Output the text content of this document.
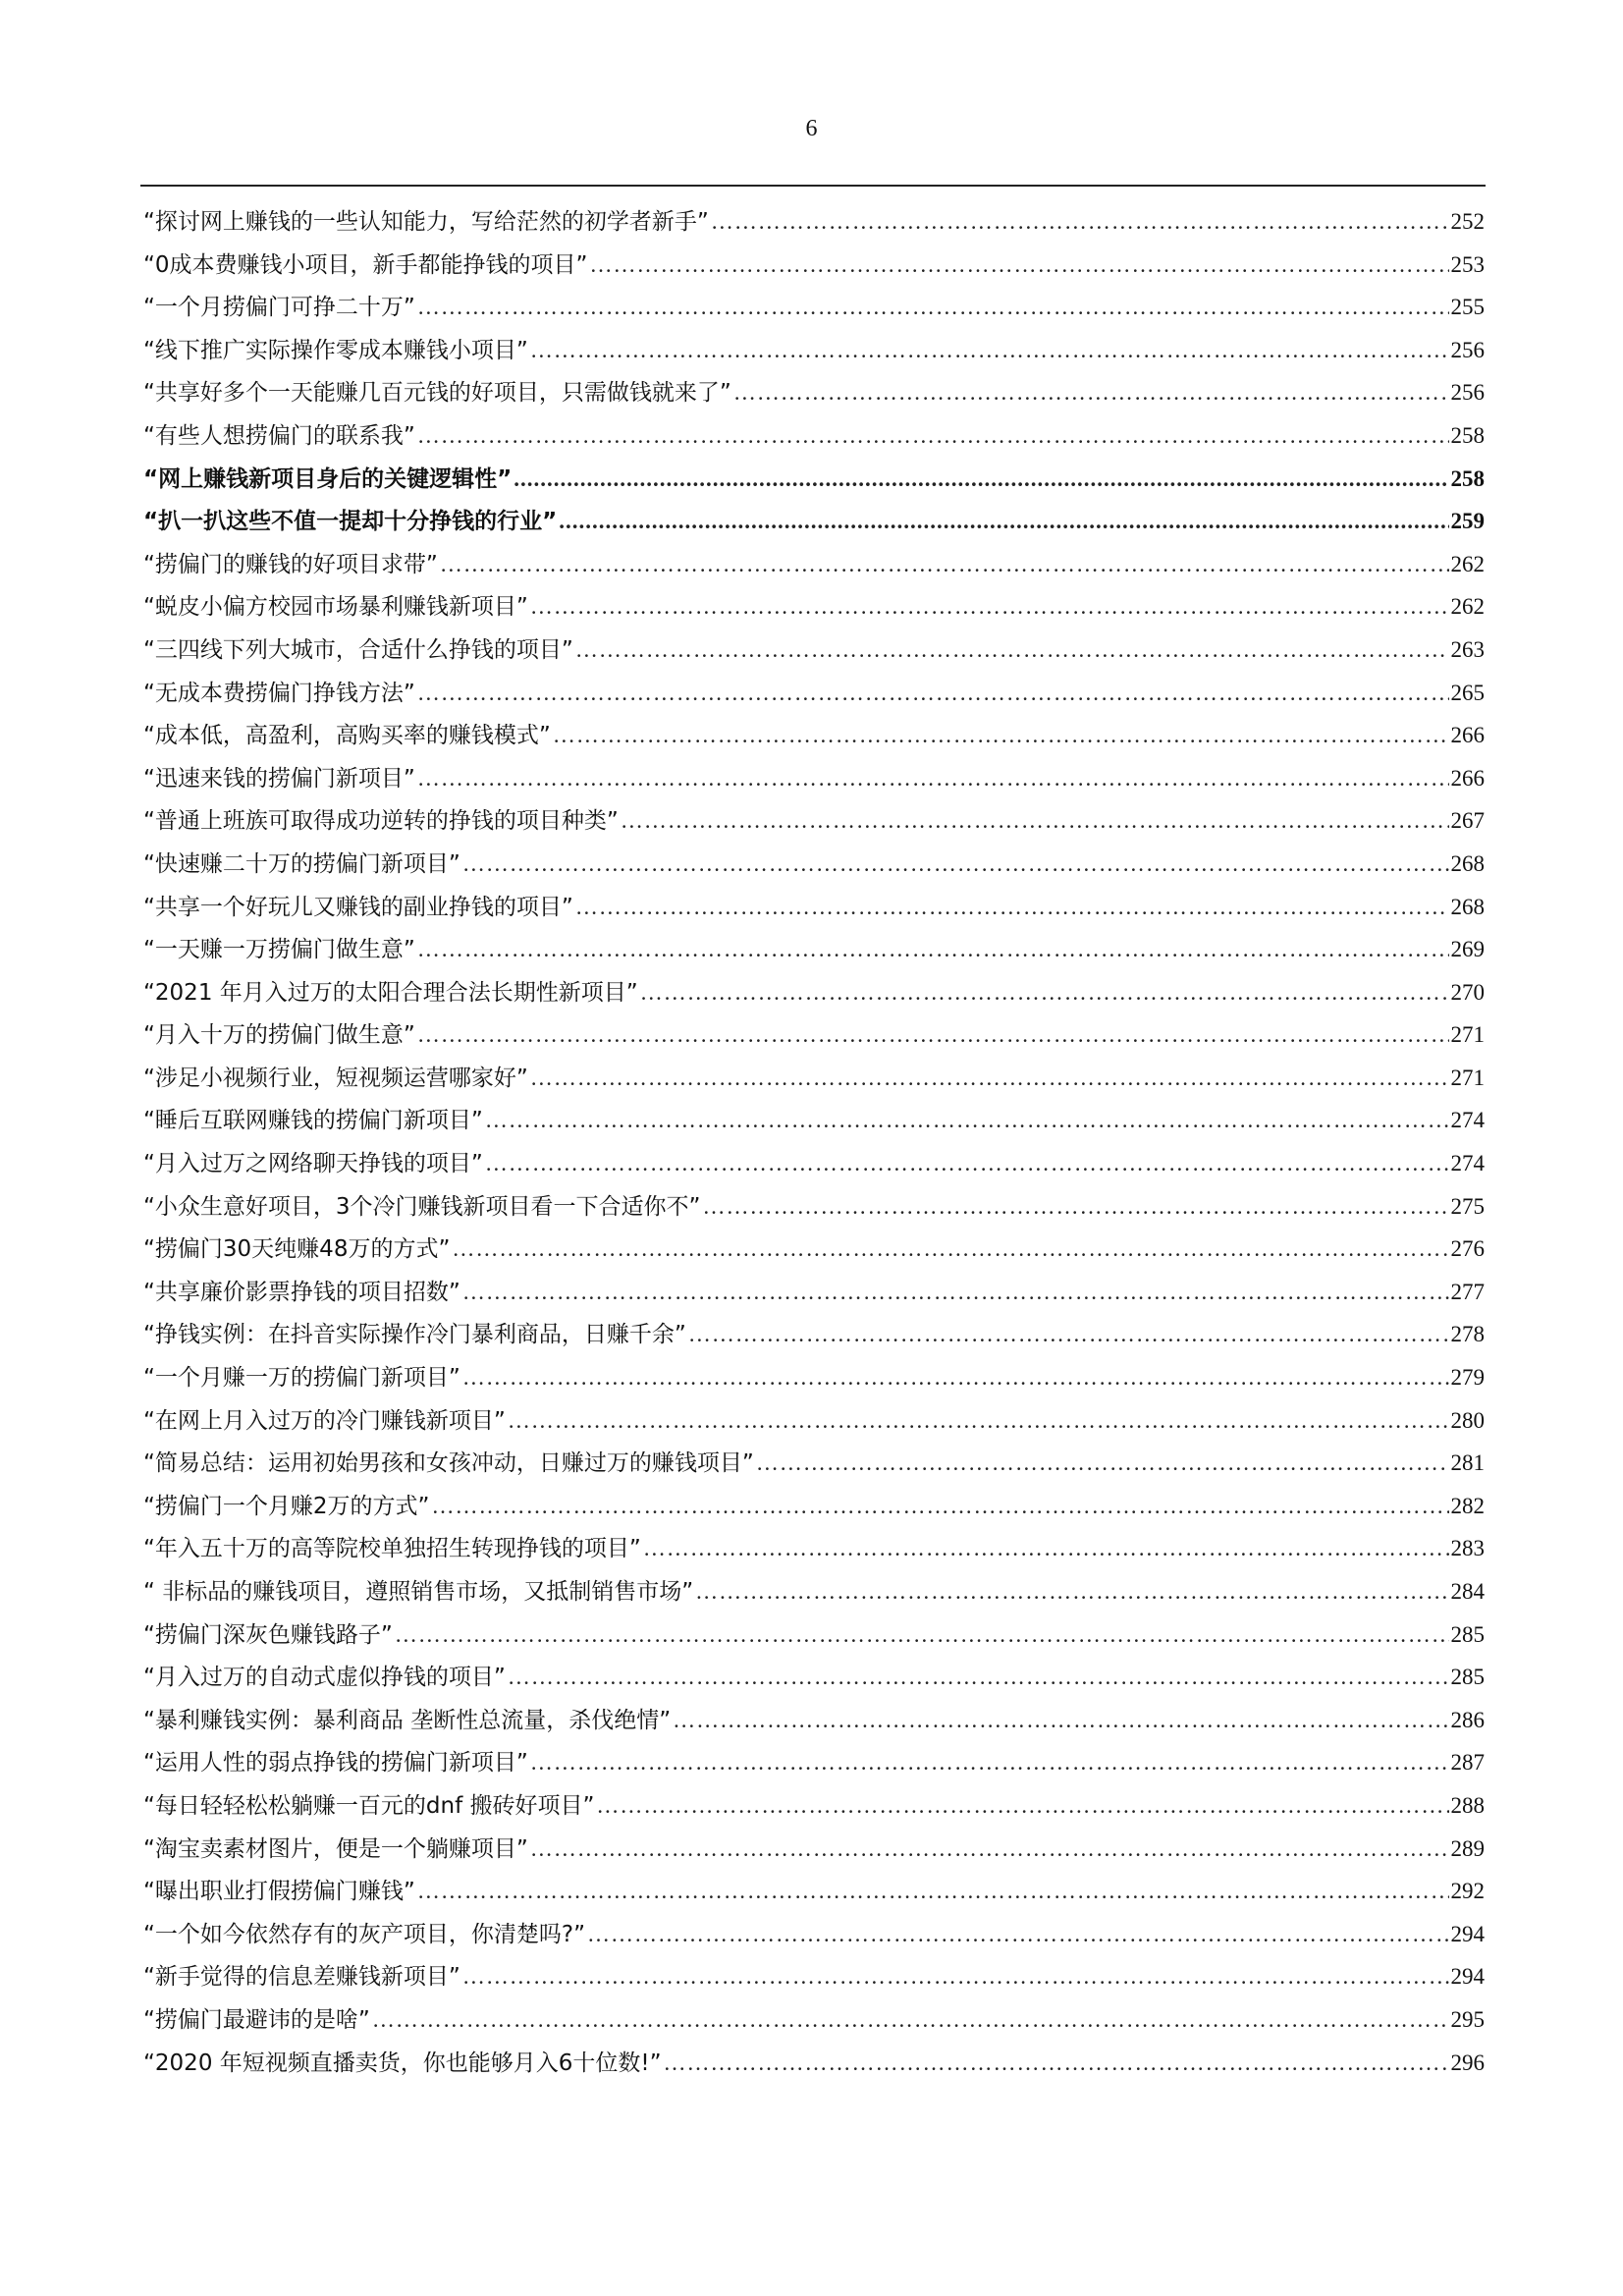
6
“探讨网上赚钱的一些认知能力，写给茫然的初学者新手” ……………………………………………………………………………………………………………………………………………………………………………………………………………………………………………………………………………………………………………………………………………	252
“0成本费赚钱小项目，新手都能挣钱的项目” ……………………………………………………………………………………………………………………………………………………………………………………………………………………………………………………………………………………………………………………………………………	253
“一个月捞偏门可挣二十万” ……………………………………………………………………………………………………………………………………………………………………………………………………………………………………………………………………………………………………………………………………………	255
“线下推广实际操作零成本赚钱小项目” ……………………………………………………………………………………………………………………………………………………………………………………………………………………………………………………………………………………………………………………………………………	256
“共享好多个一天能赚几百元钱的好项目，只需做钱就来了” ……………………………………………………………………………………………………………………………………………………………………………………………………………………………………………………………………………………………………………………………………………	256
“有些人想捞偏门的联系我” ……………………………………………………………………………………………………………………………………………………………………………………………………………………………………………………………………………………………………………………………………………	258
“网上赚钱新项目身后的关键逻辑性” .....	258
“扒一扒这些不值一提却十分挣钱的行业” .....	259
“捞偏门的赚钱的好项目求带” ……………………………………………………………………………………………………………………………………………………………………………………………………………………………………………………………………………………………………………………………………………	262
“蜕皮小偏方校园市场暴利赚钱新项目” ……………………………………………………………………………………………………………………………………………………………………………………………………………………………………………………………………………………………………………………………………………	262
“三四线下列大城市，合适什么挣钱的项目” ……………………………………………………………………………………………………………………………………………………………………………………………………………………………………………………………………………………………………………………………………………	263
“无成本费捞偏门挣钱方法” ……………………………………………………………………………………………………………………………………………………………………………………………………………………………………………………………………………………………………………………………………………	265
“成本低，高盈利，高购买率的赚钱模式” ……………………………………………………………………………………………………………………………………………………………………………………………………………………………………………………………………………………………………………………………………………	266
“迅速来钱的捞偏门新项目” ……………………………………………………………………………………………………………………………………………………………………………………………………………………………………………………………………………………………………………………………………………	266
“普通上班族可取得成功逆转的挣钱的项目种类” ……………………………………………………………………………………………………………………………………………………………………………………………………………………………………………………………………………………………………………………………………………	267
“快速赚二十万的捞偏门新项目” ……………………………………………………………………………………………………………………………………………………………………………………………………………………………………………………………………………………………………………………………………………	268
“共享一个好玩儿又赚钱的副业挣钱的项目” ……………………………………………………………………………………………………………………………………………………………………………………………………………………………………………………………………………………………………………………………………………	268
“一天赚一万捞偏门做生意” ……………………………………………………………………………………………………………………………………………………………………………………………………………………………………………………………………………………………………………………………………………	269
“2021 年月入过万的太阳合理合法长期性新项目” ……………………………………………………………………………………………………………………………………………………………………………………………………………………………………………………………………………………………………………………………………………	270
“月入十万的捞偏门做生意” ……………………………………………………………………………………………………………………………………………………………………………………………………………………………………………………………………………………………………………………………………………	271
“涉足小视频行业，短视频运营哪家好” ……………………………………………………………………………………………………………………………………………………………………………………………………………………………………………………………………………………………………………………………………………	271
“睡后互联网赚钱的捞偏门新项目” ……………………………………………………………………………………………………………………………………………………………………………………………………………………………………………………………………………………………………………………………………………	274
“月入过万之网络聊天挣钱的项目” ……………………………………………………………………………………………………………………………………………………………………………………………………………………………………………………………………………………………………………………………………………	274
“小众生意好项目，3个冷门赚钱新项目看一下合适你不” ……………………………………………………………………………………………………………………………………………………………………………………………………………………………………………………………………………………………………………………………………………	275
“捞偏门30天纯赚48万的方式” ……………………………………………………………………………………………………………………………………………………………………………………………………………………………………………………………………………………………………………………………………………	276
“共享廉价影票挣钱的项目招数” ……………………………………………………………………………………………………………………………………………………………………………………………………………………………………………………………………………………………………………………………………………	277
“挣钱实例：在抖音实际操作冷门暴利商品，日赚千余” ……………………………………………………………………………………………………………………………………………………………………………………………………………………………………………………………………………………………………………………………………………	278
“一个月赚一万的捞偏门新项目” ……………………………………………………………………………………………………………………………………………………………………………………………………………………………………………………………………………………………………………………………………………	279
“在网上月入过万的冷门赚钱新项目” ……………………………………………………………………………………………………………………………………………………………………………………………………………………………………………………………………………………………………………………………………………	280
“简易总结：运用初始男孩和女孩冲动，日赚过万的赚钱项目” ……………………………………………………………………………………………………………………………………………………………………………………………………………………………………………………………………………………………………………………………………………	281
“捞偏门一个月赚2万的方式” ……………………………………………………………………………………………………………………………………………………………………………………………………………………………………………………………………………………………………………………………………………	282
“年入五十万的高等院校单独招生转现挣钱的项目” ……………………………………………………………………………………………………………………………………………………………………………………………………………………………………………………………………………………………………………………………………………	283
“ 非标品的赚钱项目，遵照销售市场，又抵制销售市场” ……………………………………………………………………………………………………………………………………………………………………………………………………………………………………………………………………………………………………………………………………………	284
“捞偏门深灰色赚钱路子” ……………………………………………………………………………………………………………………………………………………………………………………………………………………………………………………………………………………………………………………………………………	285
“月入过万的自动式虚似挣钱的项目” ……………………………………………………………………………………………………………………………………………………………………………………………………………………………………………………………………………………………………………………………………………	285
“暴利赚钱实例：暴利商品 垄断性总流量，杀伐绝情” ……………………………………………………………………………………………………………………………………………………………………………………………………………………………………………………………………………………………………………………………………………	286
“运用人性的弱点挣钱的捞偏门新项目” ……………………………………………………………………………………………………………………………………………………………………………………………………………………………………………………………………………………………………………………………………………	287
“每日轻轻松松躺赚一百元的dnf 搬砖好项目” ……………………………………………………………………………………………………………………………………………………………………………………………………………………………………………………………………………………………………………………………………………	288
“淘宝卖素材图片，便是一个躺赚项目” ……………………………………………………………………………………………………………………………………………………………………………………………………………………………………………………………………………………………………………………………………………	289
“曝出职业打假捞偏门赚钱” ……………………………………………………………………………………………………………………………………………………………………………………………………………………………………………………………………………………………………………………………………………	292
“一个如今依然存有的灰产项目，你清楚吗?” ……………………………………………………………………………………………………………………………………………………………………………………………………………………………………………………………………………………………………………………………………………	294
“新手觉得的信息差赚钱新项目” ……………………………………………………………………………………………………………………………………………………………………………………………………………………………………………………………………………………………………………………………………………	294
“捞偏门最避讳的是啥” ……………………………………………………………………………………………………………………………………………………………………………………………………………………………………………………………………………………………………………………………………………	295
“2020 年短视频直播卖货，你也能够月入6十位数!” ……………………………………………………………………………………………………………………………………………………………………………………………………………………………………………………………………………………………………………………………………………	296
